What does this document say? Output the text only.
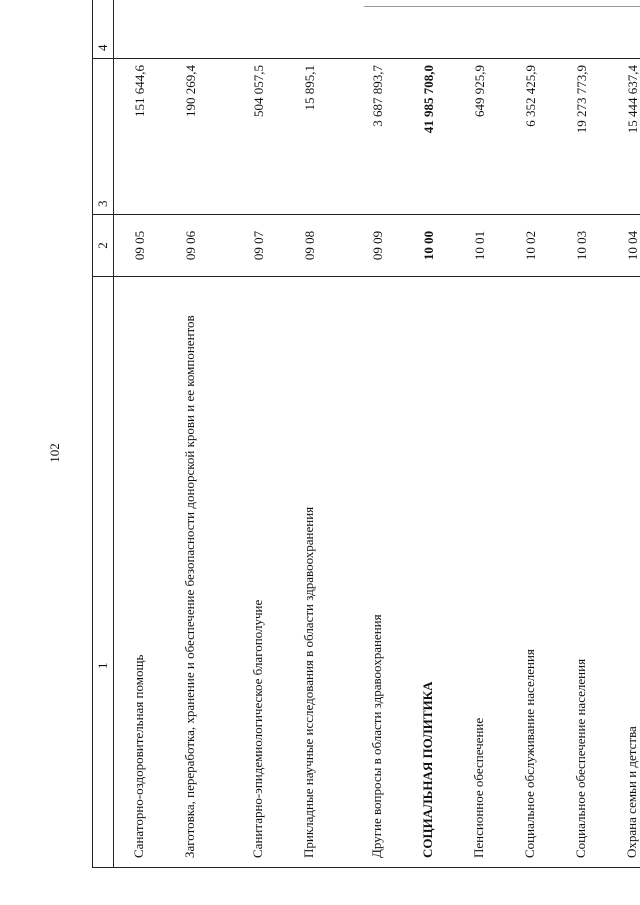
102
1	2	3	4	
Санаторно-оздоровительная помощь	09 05	151 644,6		
Заготовка, переработка, хранение и обеспечение безопасности донорской крови и ее компонентов	09 06	190 269,4		
Санитарно-эпидемиологическое благополучие	09 07	504 057,5		
Прикладные научные исследования в области здравоохранения	09 08	15 895,1		
Другие вопросы в области здравоохранения	09 09	3 687 893,7		
СОЦИАЛЬНАЯ ПОЛИТИКА	10 00	41 985 708,0		
Пенсионное обеспечение	10 01	649 925,9		
Социальное обслуживание населения	10 02	6 352 425,9		
Социальное обеспечение населения	10 03	19 273 773,9		
Охрана семьи и детства	10 04	15 444 637,4		
